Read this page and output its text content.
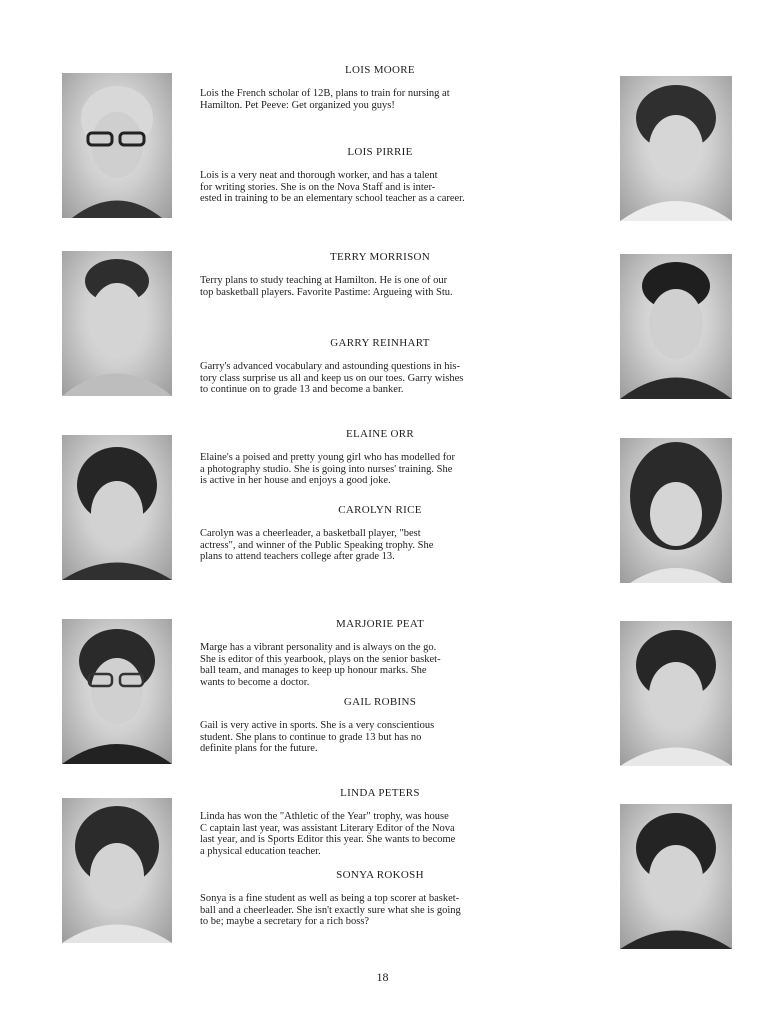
LOIS MOORE

Lois the French scholar of 12B, plans to train for nursing at
Hamilton. Pet Peeve: Get organized you guys!

LOIS PIRRIE

Lois is a very neat and thorough worker, and has a talent
for writing stories. She is on the Nova Staff and is inter-
ested in training to be an elementary school teacher as a career.

TERRY MORRISON

Terry plans to study teaching at Hamilton. He is one of our
top basketball players. Favorite Pastime: Argueing with Stu.

GARRY REINHART

Garry's advanced vocabulary and astounding questions in his-
tory class surprise us all and keep us on our toes. Garry wishes
to continue on to grade 13 and become a banker.

ELAINE ORR

Elaine's a poised and pretty young girl who has modelled for
a photography studio. She is going into nurses' training. She
is active in her house and enjoys a good joke.

CAROLYN RICE

Carolyn was a cheerleader, a basketball player, "best
actress", and winner of the Public Speaking trophy. She
plans to attend teachers college after grade 13.

MARJORIE PEAT

Marge has a vibrant personality and is always on the go.
She is editor of this yearbook, plays on the senior basket-
ball team, and manages to keep up honour marks. She
wants to become a doctor.

GAIL ROBINS

Gail is very active in sports. She is a very conscientious
student. She plans to continue to grade 13 but has no
definite plans for the future.

LINDA PETERS

Linda has won the "Athletic of the Year" trophy, was house
C captain last year, was assistant Literary Editor of the Nova
last year, and is Sports Editor this year. She wants to become
a physical education teacher.

SONYA ROKOSH

Sonya is a fine student as well as being a top scorer at basket-
ball and a cheerleader. She isn't exactly sure what she is going
to be; maybe a secretary for a rich boss?

18
